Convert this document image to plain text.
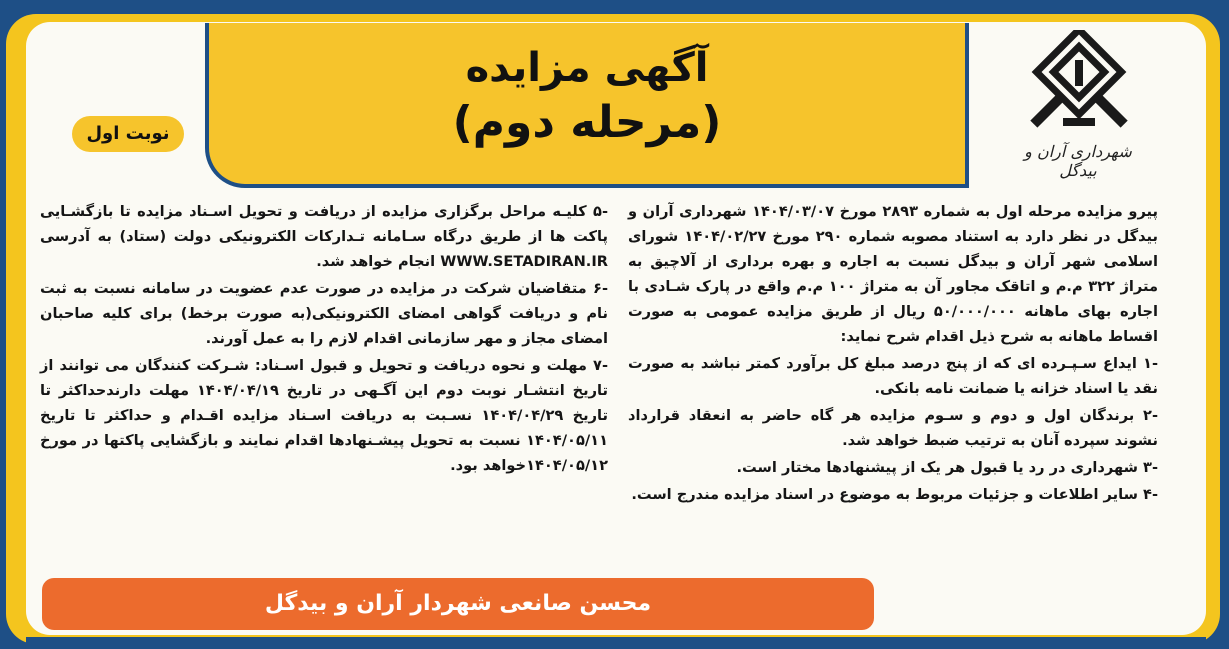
آگهی مزایده
(مرحله دوم)
نوبت اول
شهرداری آران و بیدگل

پیرو مزایده مرحله اول به شماره ۲۸۹۳ مورخ ۱۴۰۴/۰۳/۰۷ شهرداری آران و بیدگل در نظر دارد به استناد مصوبه شماره ۲۹۰ مورخ ۱۴۰۴/۰۲/۲۷ شورای اسلامی شهر آران و بیدگل نسبت به اجاره و بهره برداری از آلاچیق به متراژ ۳۲۲ م.م و اتاقک مجاور آن به متراژ ۱۰۰ م.م واقع در پارک شـادی با اجاره بهای ماهانه ۵۰/۰۰۰/۰۰۰ ریال از طریق مزایده عمومی به صورت اقساط ماهانه به شرح ذیل اقدام شرح نماید:

-۱ ایداع سـپـرده ای که از پنج درصد مبلغ کل برآورد کمتر نباشد به صورت نقد یا اسناد خزانه یا ضمانت نامه بانکی.

-۲ برندگان اول و دوم و سـوم مزایده هر گاه حاضر به انعقاد قرارداد نشوند سپرده آنان به ترتیب ضبط خواهد شد.

-۳ شهرداری در رد یا قبول هر یک از پیشنهادها مختار است.

-۴ سایر اطلاعات و جزئیات مربوط به موضوع در اسناد مزایده مندرج است.

-۵ کلیـه مراحل برگزاری مزایده از دریافت و تحویل اسـناد مزایده تا بازگشـایی پاکت ها از طریق درگاه سـامانه تـدارکات الکترونیکی دولت (ستاد) به آدرسی WWW.SETADIRAN.IR انجام خواهد شد.

-۶ متقاضیان شرکت در مزایده در صورت عدم عضویت در سامانه نسبت به ثبت نام و دریافت گواهی امضای الکترونیکی(به صورت برخط) برای کلیه صاحبان امضای مجاز و مهر سازمانی اقدام لازم را به عمل آورند.

-۷ مهلت و نحوه دریافت و تحویل و قبول اسـناد: شـرکت کنندگان می توانند از تاریخ انتشـار نوبت دوم این آگـهی در تاریخ ۱۴۰۴/۰۴/۱۹ مهلت دارندحداکثر تا تاریخ ۱۴۰۴/۰۴/۲۹ نسـبت به دریافت اسـناد مزایده اقـدام و حداکثر تا تاریخ ۱۴۰۴/۰۵/۱۱ نسبت به تحویل پیشـنهادها اقدام نمایند و بازگشایی پاکتها در مورخ ۱۴۰۴/۰۵/۱۲خواهد بود.

محسن صانعی شهردار آران و بیدگل
